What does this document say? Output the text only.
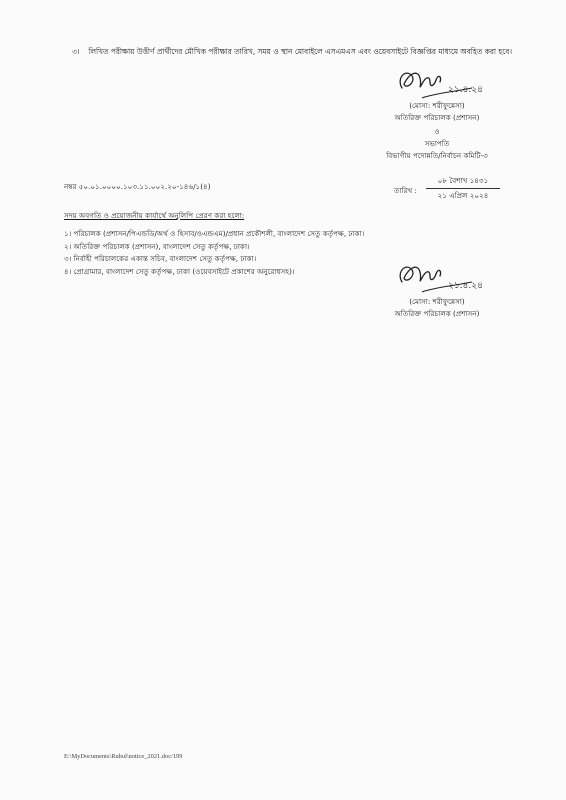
৩। লিখিত পরীক্ষায় উত্তীর্ণ প্রার্থীদের মৌখিক পরীক্ষার তারিখ, সময় ও স্থান মোবাইলে এসএমএস এবং ওয়েবসাইটে বিজ্ঞপ্তির মাধ্যমে অবহিত করা হবে।
২১.৪.২৪
(মোসা: শরীফুন্নেসা)
অতিরিক্ত পরিচালক (প্রশাসন)
ও
সভাপতি
বিভাগীয় পদোন্নতি/নির্বাচন কমিটি-৩
নম্বর ৫০.০১.০০০০.১০৩.১১.০০২.২০-১৪৬/১(৪)	তারিখ :
০৮ বৈশাখ ১৪৩১
২১ এপ্রিল ২০২৪
সদয় অবগতি ও প্রয়োজনীয় কার্যার্থে অনুলিপি প্রেরণ করা হলো:
১। পরিচালক (প্রশাসন/পিএন্ডডি/অর্থ ও হিসাব/ওএন্ডএম)/প্রধান প্রকৌশলী, বাংলাদেশ সেতু কর্তৃপক্ষ, ঢাকা।
২। অতিরিক্ত পরিচালক (প্রশাসন), বাংলাদেশ সেতু কর্তৃপক্ষ, ঢাকা।
৩। নির্বাহী পরিচালকের একান্ত সচিব, বাংলাদেশ সেতু কর্তৃপক্ষ, ঢাকা।
৪। প্রোগ্রামার, বাংলাদেশ সেতু কর্তৃপক্ষ, ঢাকা (ওয়েবসাইটে প্রকাশের অনুরোধসহ)।
২১.৪.২৪
(মোসা: শরীফুন্নেসা)
অতিরিক্ত পরিচালক (প্রশাসন)
E:\MyDocuments\Ruhul\notice_2021.doc/199
